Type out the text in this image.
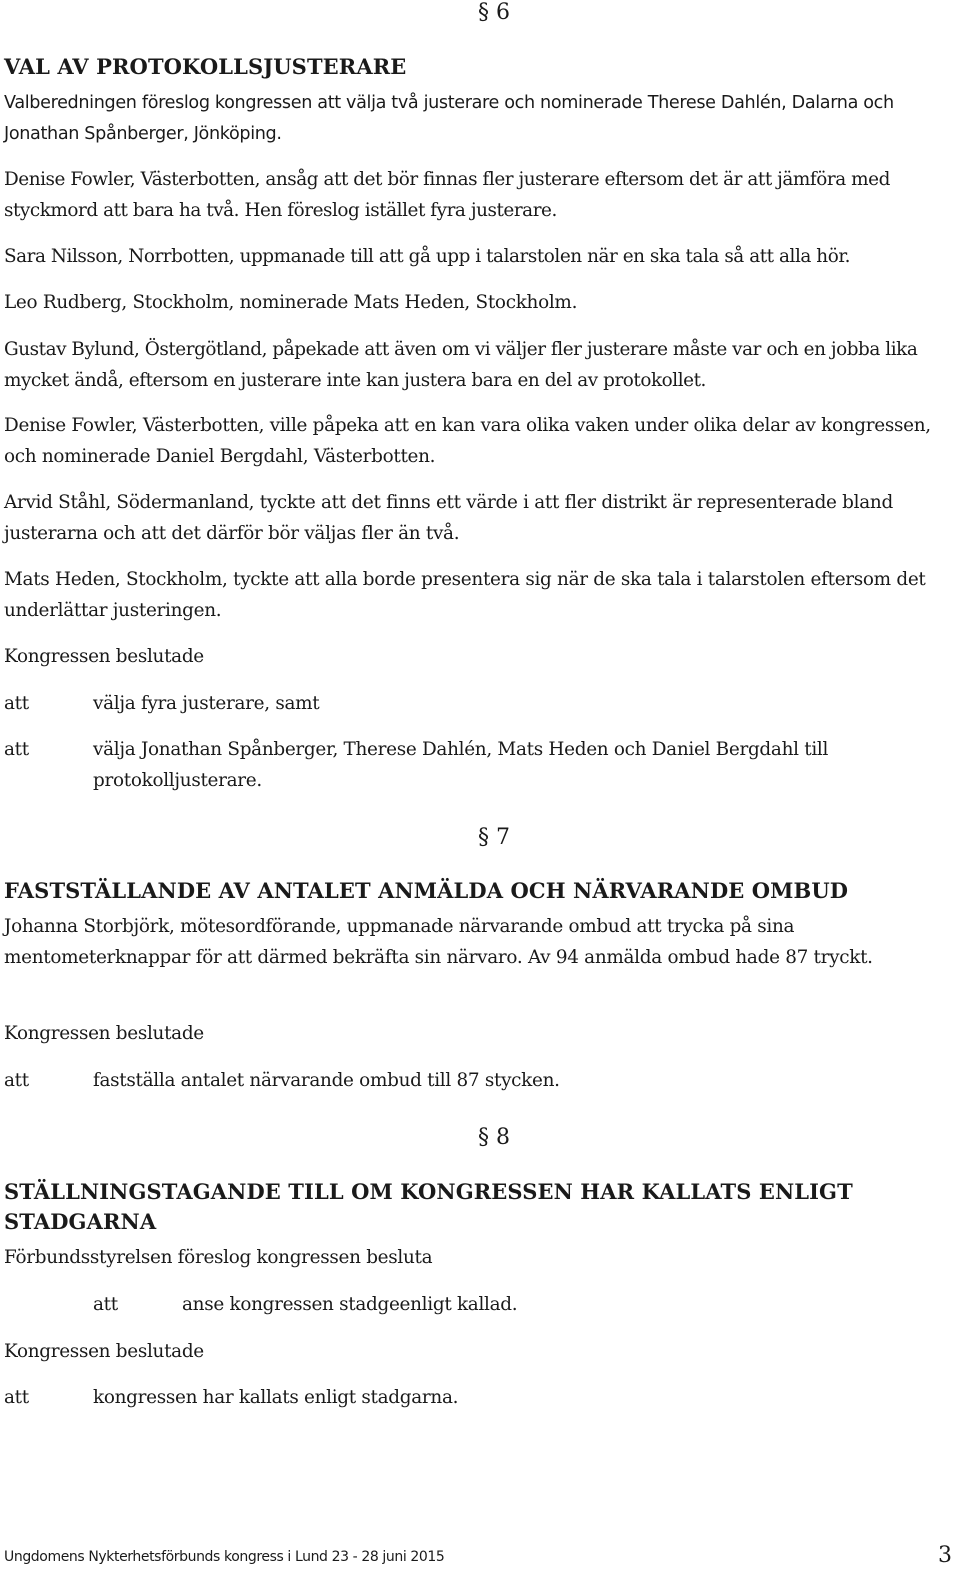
§ 6
VAL AV PROTOKOLLSJUSTERARE

Valberedningen föreslog kongressen att välja två justerare och nominerade Therese Dahlén, Dalarna och Jonathan Spånberger, Jönköping.

Denise Fowler, Västerbotten, ansåg att det bör finnas fler justerare eftersom det är att jämföra med styckmord att bara ha två. Hen föreslog istället fyra justerare.

Sara Nilsson, Norrbotten, uppmanade till att gå upp i talarstolen när en ska tala så att alla hör.

Leo Rudberg, Stockholm, nominerade Mats Heden, Stockholm.

Gustav Bylund, Östergötland, påpekade att även om vi väljer fler justerare måste var och en jobba lika mycket ändå, eftersom en justerare inte kan justera bara en del av protokollet.

Denise Fowler, Västerbotten, ville påpeka att en kan vara olika vaken under olika delar av kongressen, och nominerade Daniel Bergdahl, Västerbotten.

Arvid Ståhl, Södermanland, tyckte att det finns ett värde i att fler distrikt är representerade bland justerarna och att det därför bör väljas fler än två.

Mats Heden, Stockholm, tyckte att alla borde presentera sig när de ska tala i talarstolen eftersom det underlättar justeringen.

Kongressen beslutade

att	välja fyra justerare, samt
att	välja Jonathan Spånberger, Therese Dahlén, Mats Heden och Daniel Bergdahl till protokolljusterare.
§ 7
FASTSTÄLLANDE AV ANTALET ANMÄLDA OCH NÄRVARANDE OMBUD

Johanna Storbjörk, mötesordförande, uppmanade närvarande ombud att trycka på sina mentometerknappar för att därmed bekräfta sin närvaro. Av 94 anmälda ombud hade 87 tryckt.

Kongressen beslutade

att	fastställa antalet närvarande ombud till 87 stycken.
§ 8
STÄLLNINGSTAGANDE TILL OM KONGRESSEN HAR KALLATS ENLIGT STADGARNA

Förbundsstyrelsen föreslog kongressen besluta

att	anse kongressen stadgeenligt kallad.

Kongressen beslutade

att	kongressen har kallats enligt stadgarna.
Ungdomens Nykterhetsförbunds kongress i Lund 23 - 28 juni 2015	3
